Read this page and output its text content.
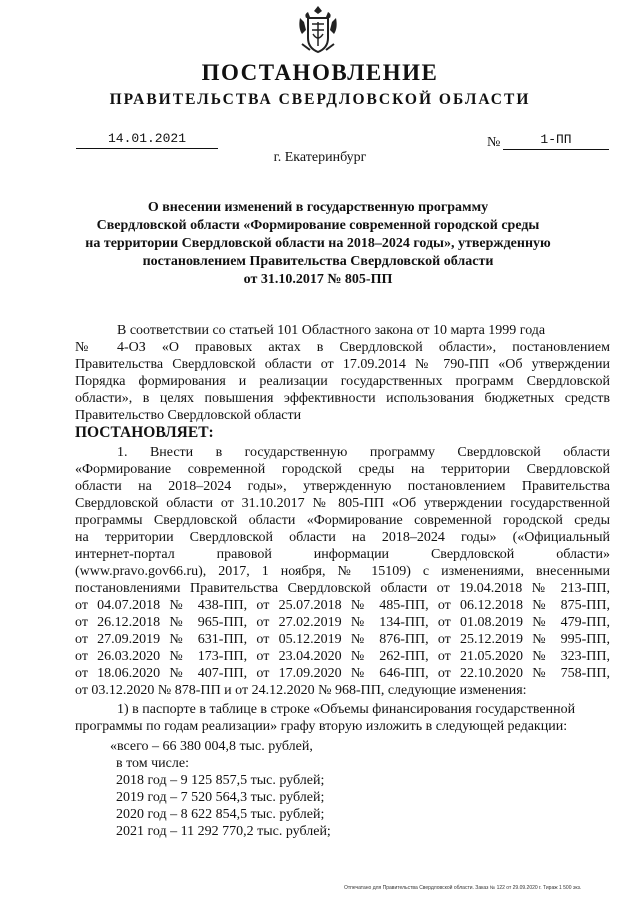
ПОСТАНОВЛЕНИЕ
ПРАВИТЕЛЬСТВА СВЕРДЛОВСКОЙ ОБЛАСТИ
14.01.2021	№	1-ПП
г. Екатеринбург
О внесении изменений в государственную программу
Свердловской области «Формирование современной городской среды
на территории Свердловской области на 2018–2024 годы», утвержденную
постановлением Правительства Свердловской области
от 31.10.2017 № 805-ПП
В соответствии со статьей 101 Областного закона от 10 марта 1999 года
№ 4-ОЗ «О правовых актах в Свердловской области», постановлением
Правительства Свердловской области от 17.09.2014 № 790-ПП «Об утверждении
Порядка формирования и реализации государственных программ Свердловской
области», в целях повышения эффективности использования бюджетных средств
Правительство Свердловской области
ПОСТАНОВЛЯЕТ:
1. Внести в государственную программу Свердловской области
«Формирование современной городской среды на территории Свердловской
области на 2018–2024 годы», утвержденную постановлением Правительства
Свердловской области от 31.10.2017 № 805-ПП «Об утверждении государственной
программы Свердловской области «Формирование современной городской среды
на территории Свердловской области на 2018–2024 годы» («Официальный
интернет-портал правовой информации Свердловской области»
(www.pravo.gov66.ru), 2017, 1 ноября, № 15109) с изменениями, внесенными
постановлениями Правительства Свердловской области от 19.04.2018 № 213-ПП,
от 04.07.2018 № 438-ПП, от 25.07.2018 № 485-ПП, от 06.12.2018 № 875-ПП,
от 26.12.2018 № 965-ПП, от 27.02.2019 № 134-ПП, от 01.08.2019 № 479-ПП,
от 27.09.2019 № 631-ПП, от 05.12.2019 № 876-ПП, от 25.12.2019 № 995-ПП,
от 26.03.2020 № 173-ПП, от 23.04.2020 № 262-ПП, от 21.05.2020 № 323-ПП,
от 18.06.2020 № 407-ПП, от 17.09.2020 № 646-ПП, от 22.10.2020 № 758-ПП,
от 03.12.2020 № 878-ПП и от 24.12.2020 № 968-ПП, следующие изменения:
1) в паспорте в таблице в строке «Объемы финансирования государственной
программы по годам реализации» графу вторую изложить в следующей редакции:
«всего – 66 380 004,8 тыс. рублей,
в том числе:
2018 год – 9 125 857,5 тыс. рублей;
2019 год – 7 520 564,3 тыс. рублей;
2020 год – 8 622 854,5 тыс. рублей;
2021 год – 11 292 770,2 тыс. рублей;
Отпечатано для Правительства Свердловской области. Заказ № 122 от 29.09.2020 г. Тираж 1 500 экз.
